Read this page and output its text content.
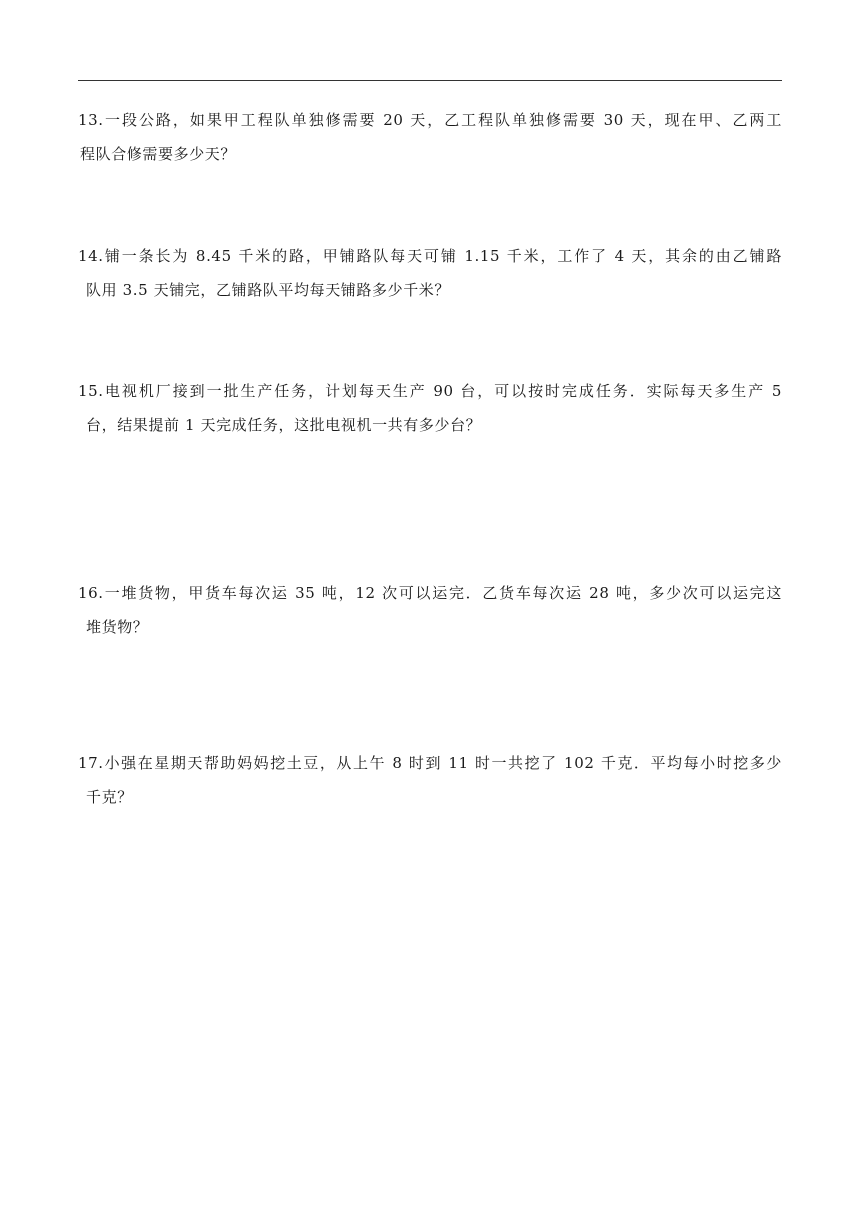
13.一段公路，如果甲工程队单独修需要 20 天，乙工程队单独修需要 30 天，现在甲、乙两工
程队合修需要多少天？
14.铺一条长为 8.45 千米的路，甲铺路队每天可铺 1.15 千米，工作了 4 天，其余的由乙铺路
队用 3.5 天铺完，乙铺路队平均每天铺路多少千米？
15.电视机厂接到一批生产任务，计划每天生产 90 台，可以按时完成任务．实际每天多生产 5
台，结果提前 1 天完成任务，这批电视机一共有多少台？
16.一堆货物，甲货车每次运 35 吨，12 次可以运完．乙货车每次运 28 吨，多少次可以运完这
堆货物？
17.小强在星期天帮助妈妈挖土豆，从上午 8 时到 11 时一共挖了 102 千克．平均每小时挖多少
千克？
